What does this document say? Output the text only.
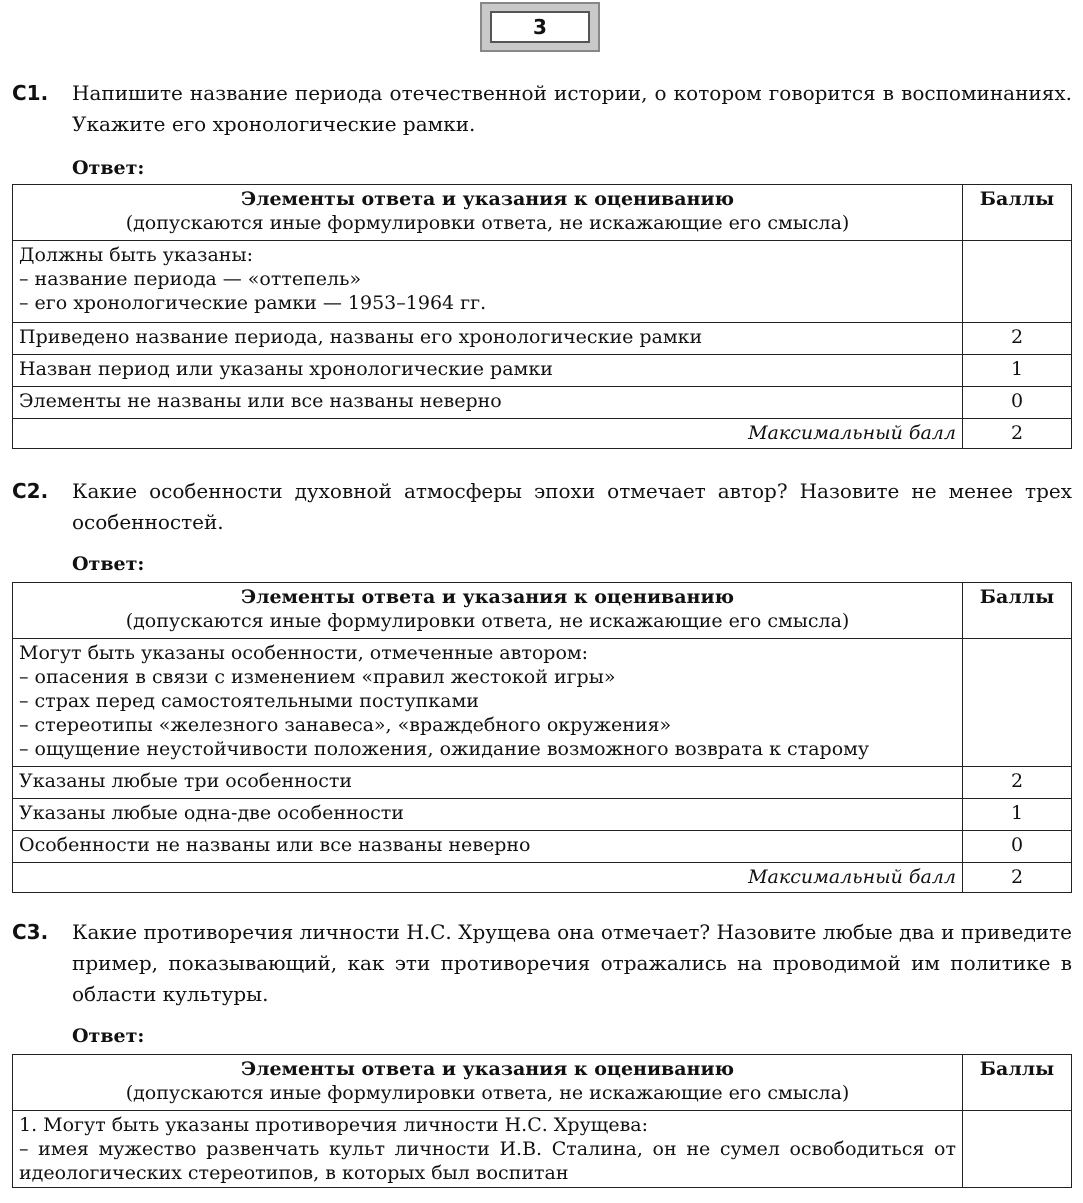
3
С1. Напишите название периода отечественной истории, о котором говорится в воспоминаниях. Укажите его хронологические рамки.
Ответ:
Элементы ответа и указания к оцениванию
(допускаются иные формулировки ответа, не искажающие его смысла)	Баллы

Должны быть указаны:
– название периода — «оттепель»
– его хронологические рамки — 1953–1964 гг.	

Приведено название периода, названы его хронологические рамки	2
Назван период или указаны хронологические рамки	1
Элементы не названы или все названы неверно	0
Максимальный балл	2
С2. Какие особенности духовной атмосферы эпохи отмечает автор? Назовите не менее трех особенностей.
Ответ:
Элементы ответа и указания к оцениванию
(допускаются иные формулировки ответа, не искажающие его смысла)	Баллы

Могут быть указаны особенности, отмеченные автором:
– опасения в связи с изменением «правил жестокой игры»
– страх перед самостоятельными поступками
– стереотипы «железного занавеса», «враждебного окружения»
– ощущение неустойчивости положения, ожидание возможного возврата к старому	

Указаны любые три особенности	2
Указаны любые одна-две особенности	1
Особенности не названы или все названы неверно	0
Максимальный балл	2
С3. Какие противоречия личности Н.С. Хрущева она отмечает? Назовите любые два и приведите пример, показывающий, как эти противоречия отражались на проводимой им политике в области культуры.
Ответ:
Элементы ответа и указания к оцениванию
(допускаются иные формулировки ответа, не искажающие его смысла)	Баллы

1. Могут быть указаны противоречия личности Н.С. Хрущева:
– имея мужество развенчать культ личности И.В. Сталина, он не сумел освободиться от идеологических стереотипов, в которых был воспитан	
